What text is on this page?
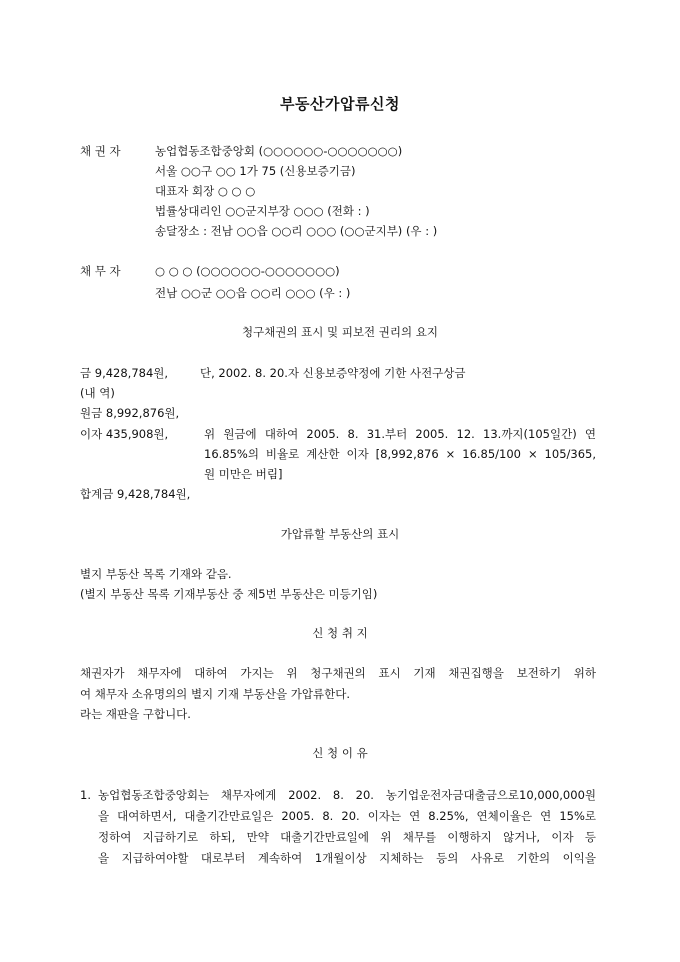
부동산가압류신청
채 권 자	농업협동조합중앙회 (○○○○○○-○○○○○○○)
서울 ○○구 ○○ 1가 75 (신용보증기금)
대표자 회장 ○ ○ ○
법률상대리인 ○○군지부장 ○○○ (전화 : )
송달장소 : 전남 ○○읍 ○○리 ○○○ (○○군지부) (우 : )
채 무 자	○ ○ ○ (○○○○○○-○○○○○○○)
전남 ○○군 ○○읍 ○○리 ○○○ (우 : )
청구채권의 표시 및 피보전 권리의 요지
금 9,428,784원,	단, 2002. 8. 20.자 신용보증약정에 기한 사전구상금
(내 역)
원금 8,992,876원,
이자 435,908원,	위 원금에 대하여 2005. 8. 31.부터 2005. 12. 13.까지(105일간) 연
16.85%의 비율로 계산한 이자 [8,992,876 × 16.85/100 × 105/365,
원 미만은 버림]
합계금 9,428,784원,
가압류할 부동산의 표시
별지 부동산 목록 기재와 같음.
(별지 부동산 목록 기재부동산 중 제5번 부동산은 미등기임)
신 청 취 지
채권자가 채무자에 대하여 가지는 위 청구채권의 표시 기재 채권집행을 보전하기 위하
여 채무자 소유명의의 별지 기재 부동산을 가압류한다.
라는 재판을 구합니다.
신 청 이 유
1. 농업협동조합중앙회는 채무자에게 2002. 8. 20. 농기업운전자금대출금으로10,000,000원
을 대여하면서, 대출기간만료일은 2005. 8. 20. 이자는 연 8.25%, 연체이율은 연 15%로
정하여 지급하기로 하되, 만약 대출기간만료일에 위 채무를 이행하지 않거나, 이자 등
을 지급하여야할 대로부터 계속하여 1개월이상 지체하는 등의 사유로 기한의 이익을
